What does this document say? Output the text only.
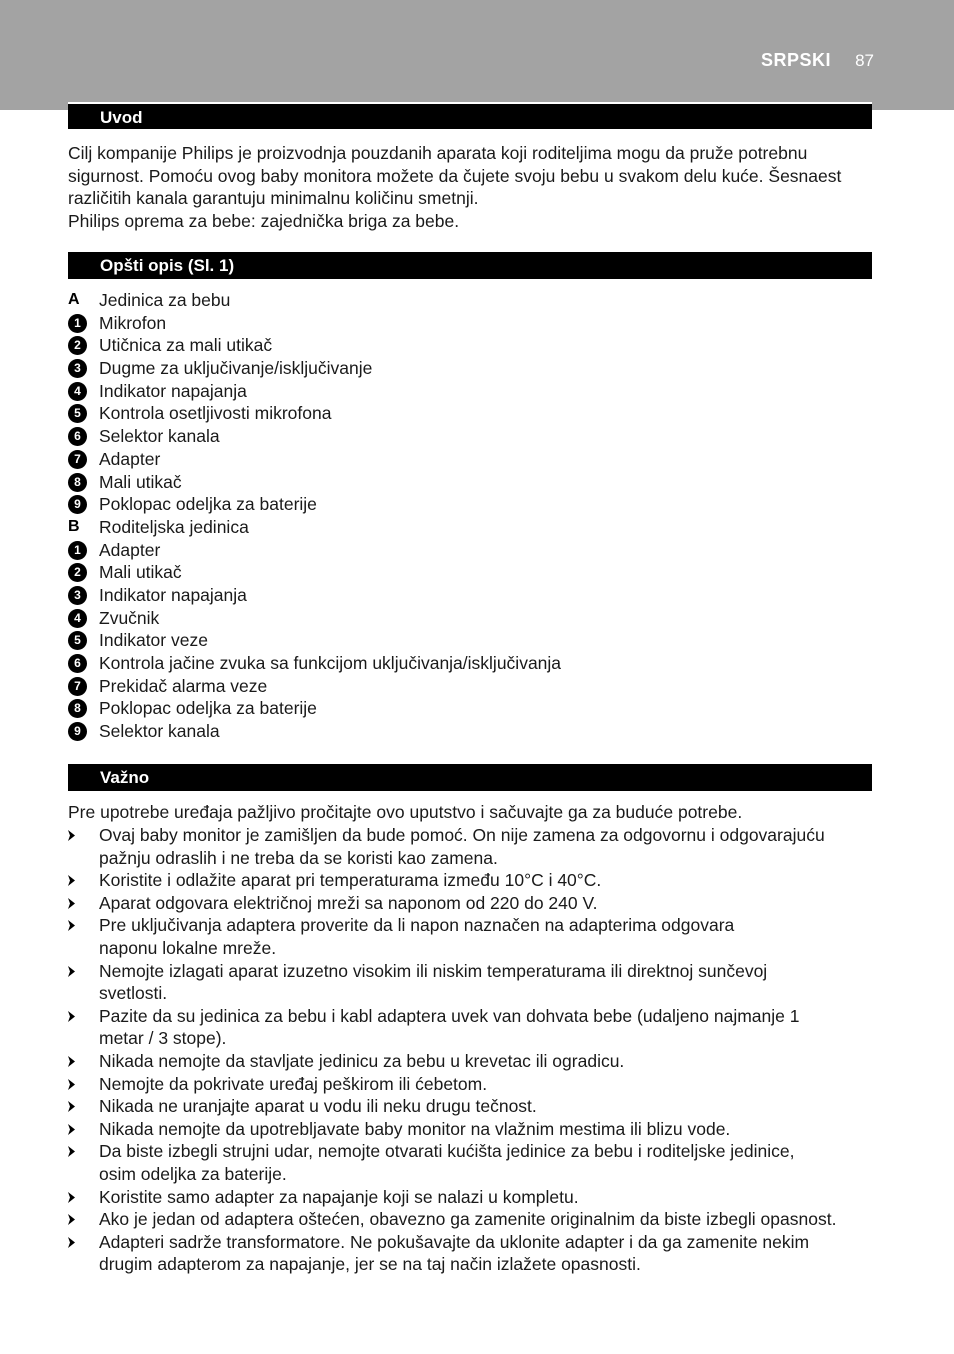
SRPSKI 87
Uvod
Cilj kompanije Philips je proizvodnja pouzdanih aparata koji roditeljima mogu da pruže potrebnu
sigurnost. Pomoću ovog baby monitora možete da čujete svoju bebu u svakom delu kuće. Šesnaest
različitih kanala garantuju minimalnu količinu smetnji.
Philips oprema za bebe: zajednička briga za bebe.
Opšti opis (Sl. 1)
A	Jedinica za bebu
1	Mikrofon
2	Utičnica za mali utikač
3	Dugme za uključivanje/isključivanje
4	Indikator napajanja
5	Kontrola osetljivosti mikrofona
6	Selektor kanala
7	Adapter
8	Mali utikač
9	Poklopac odeljka za baterije
B	Roditeljska jedinica
1	Adapter
2	Mali utikač
3	Indikator napajanja
4	Zvučnik
5	Indikator veze
6	Kontrola jačine zvuka sa funkcijom uključivanja/isključivanja
7	Prekidač alarma veze
8	Poklopac odeljka za baterije
9	Selektor kanala
Važno
Pre upotrebe uređaja pažljivo pročitajte ovo uputstvo i sačuvajte ga za buduće potrebe.
Ovaj baby monitor je zamišljen da bude pomoć. On nije zamena za odgovornu i odgovarajuću
pažnju odraslih i ne treba da se koristi kao zamena.
Koristite i odlažite aparat pri temperaturama između 10°C i 40°C.
Aparat odgovara električnoj mreži sa naponom od 220 do 240 V.
Pre uključivanja adaptera proverite da li napon naznačen na adapterima odgovara
naponu lokalne mreže.
Nemojte izlagati aparat izuzetno visokim ili niskim temperaturama ili direktnoj sunčevoj
svetlosti.
Pazite da su jedinica za bebu i kabl adaptera uvek van dohvata bebe (udaljeno najmanje 1
metar / 3 stope).
Nikada nemojte da stavljate jedinicu za bebu u krevetac ili ogradicu.
Nemojte da pokrivate uređaj peškirom ili ćebetom.
Nikada ne uranjajte aparat u vodu ili neku drugu tečnost.
Nikada nemojte da upotrebljavate baby monitor na vlažnim mestima ili blizu vode.
Da biste izbegli strujni udar, nemojte otvarati kućišta jedinice za bebu i roditeljske jedinice,
osim odeljka za baterije.
Koristite samo adapter za napajanje koji se nalazi u kompletu.
Ako je jedan od adaptera oštećen, obavezno ga zamenite originalnim da biste izbegli opasnost.
Adapteri sadrže transformatore. Ne pokušavajte da uklonite adapter i da ga zamenite nekim
drugim adapterom za napajanje, jer se na taj način izlažete opasnosti.
